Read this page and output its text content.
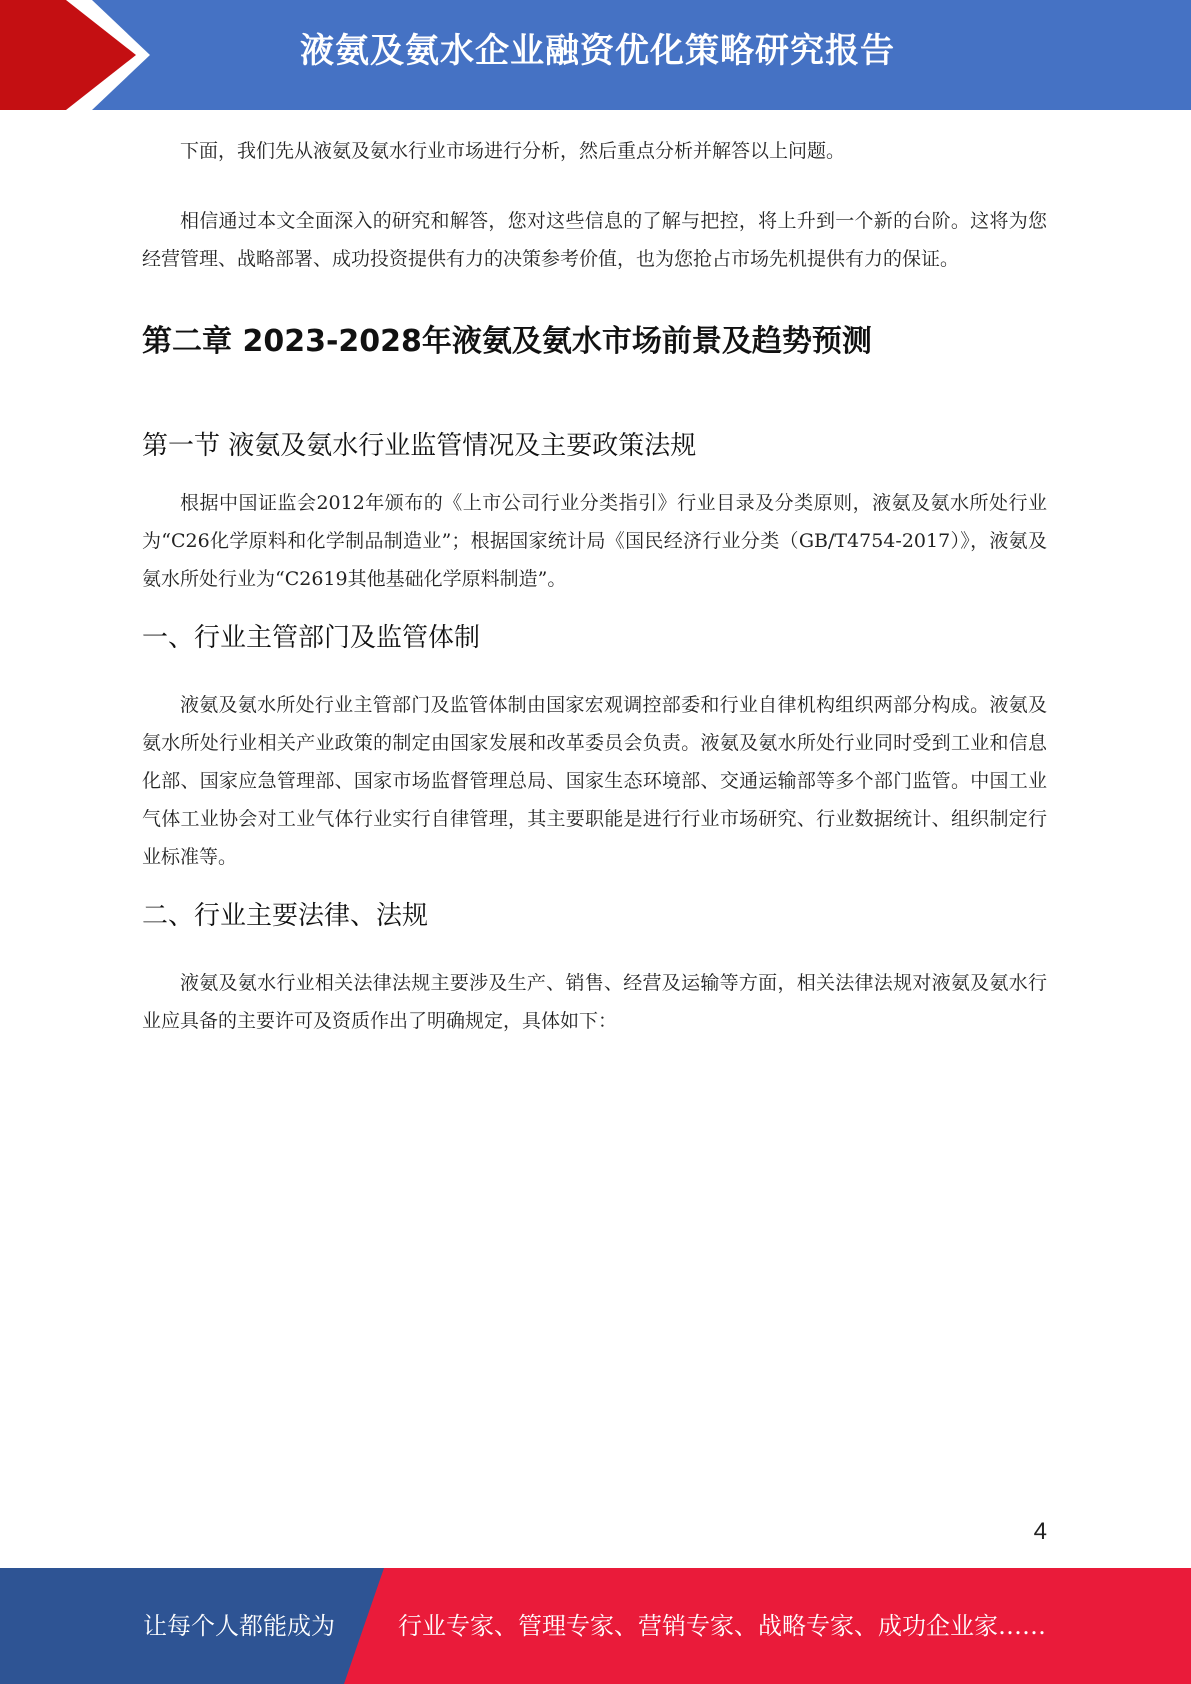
液氨及氨水企业融资优化策略研究报告

下面，我们先从液氨及氨水行业市场进行分析，然后重点分析并解答以上问题。

相信通过本文全面深入的研究和解答，您对这些信息的了解与把控，将上升到一个新的台阶。这将为您经营管理、战略部署、成功投资提供有力的决策参考价值，也为您抢占市场先机提供有力的保证。

第二章 2023-2028年液氨及氨水市场前景及趋势预测
第一节 液氨及氨水行业监管情况及主要政策法规

根据中国证监会2012年颁布的《上市公司行业分类指引》行业目录及分类原则，液氨及氨水所处行业为“C26化学原料和化学制品制造业”；根据国家统计局《国民经济行业分类（GB/T4754-2017）》，液氨及氨水所处行业为“C2619其他基础化学原料制造”。

一、行业主管部门及监管体制

液氨及氨水所处行业主管部门及监管体制由国家宏观调控部委和行业自律机构组织两部分构成。液氨及氨水所处行业相关产业政策的制定由国家发展和改革委员会负责。液氨及氨水所处行业同时受到工业和信息化部、国家应急管理部、国家市场监督管理总局、国家生态环境部、交通运输部等多个部门监管。中国工业气体工业协会对工业气体行业实行自律管理，其主要职能是进行行业市场研究、行业数据统计、组织制定行业标准等。

二、行业主要法律、法规

液氨及氨水行业相关法律法规主要涉及生产、销售、经营及运输等方面，相关法律法规对液氨及氨水行业应具备的主要许可及资质作出了明确规定，具体如下：

4
让每个人都能成为	行业专家、管理专家、营销专家、战略专家、成功企业家……
